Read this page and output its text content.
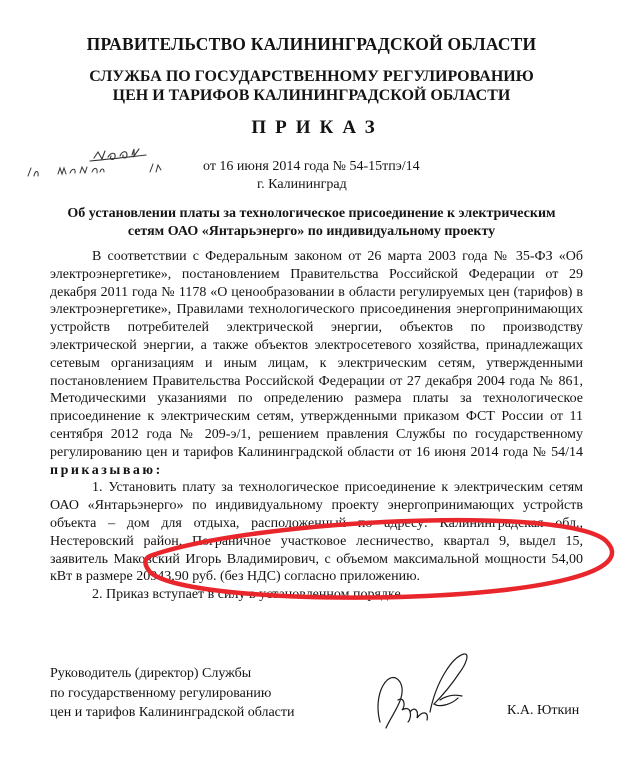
ПРАВИТЕЛЬСТВО КАЛИНИНГРАДСКОЙ ОБЛАСТИ
СЛУЖБА ПО ГОСУДАРСТВЕННОМУ РЕГУЛИРОВАНИЮ
ЦЕН И ТАРИФОВ КАЛИНИНГРАДСКОЙ ОБЛАСТИ
ПРИКАЗ
от 16 июня 2014 года № 54-15тпэ/14
г. Калининград
Об установлении платы за технологическое присоединение к электрическим
сетям ОАО «Янтарьэнерго» по индивидуальному проекту

В соответствии с Федеральным законом от 26 марта 2003 года № 35-ФЗ «Об электроэнергетике», постановлением Правительства Российской Федерации от 29 декабря 2011 года № 1178 «О ценообразовании в области регулируемых цен (тарифов) в электроэнергетике», Правилами технологического присоединения энергопринимающих устройств потребителей электрической энергии, объектов по производству электрической энергии, а также объектов электросетевого хозяйства, принадлежащих сетевым организациям и иным лицам, к электрическим сетям, утвержденными постановлением Правительства Российской Федерации от 27 декабря 2004 года № 861, Методическими указаниями по определению размера платы за технологическое присоединение к электрическим сетям, утвержденными приказом ФСТ России от 11 сентября 2012 года № 209-э/1, решением правления Службы по государственному регулированию цен и тарифов Калининградской области от 16 июня 2014 года № 54/14 приказываю:

1. Установить плату за технологическое присоединение к электрическим сетям ОАО «Янтарьэнерго» по индивидуальному проекту энергопринимающих устройств объекта – дом для отдыха, расположенный по адресу: Калининградская обл., Нестеровский район, Пограничное участковое лесничество, квартал 9, выдел 15, заявитель Маковский Игорь Владимирович, с объемом максимальной мощности 54,00 кВт в размере 20943,90 руб. (без НДС) согласно приложению.

2. Приказ вступает в силу в установленном порядке.

Руководитель (директор) Службы
по государственному регулированию
цен и тарифов Калининградской области	К.А. Юткин
